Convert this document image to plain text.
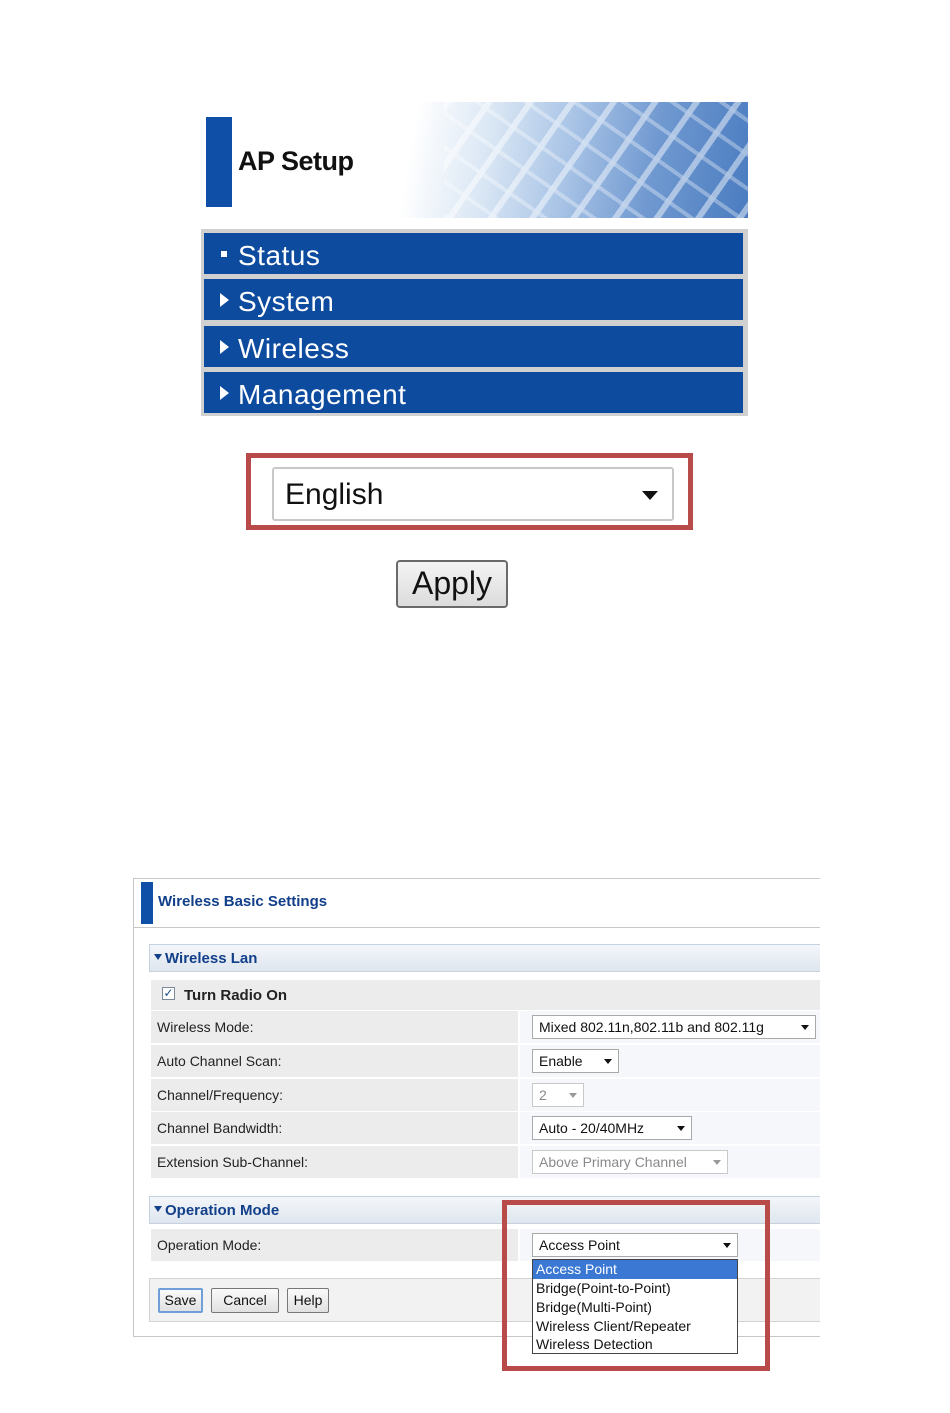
AP Setup
Status
System
Wireless
Management
English
Apply
Wireless Basic Settings
Wireless Lan
✓ Turn Radio On
Wireless Mode:	Mixed 802.11n,802.11b and 802.11g
Auto Channel Scan:	Enable
Channel/Frequency:	2
Channel Bandwidth:	Auto - 20/40MHz
Extension Sub-Channel:	Above Primary Channel
Operation Mode
Operation Mode:	Access Point
Save	Cancel	Help
Access Point
Bridge(Point-to-Point)
Bridge(Multi-Point)
Wireless Client/Repeater
Wireless Detection
